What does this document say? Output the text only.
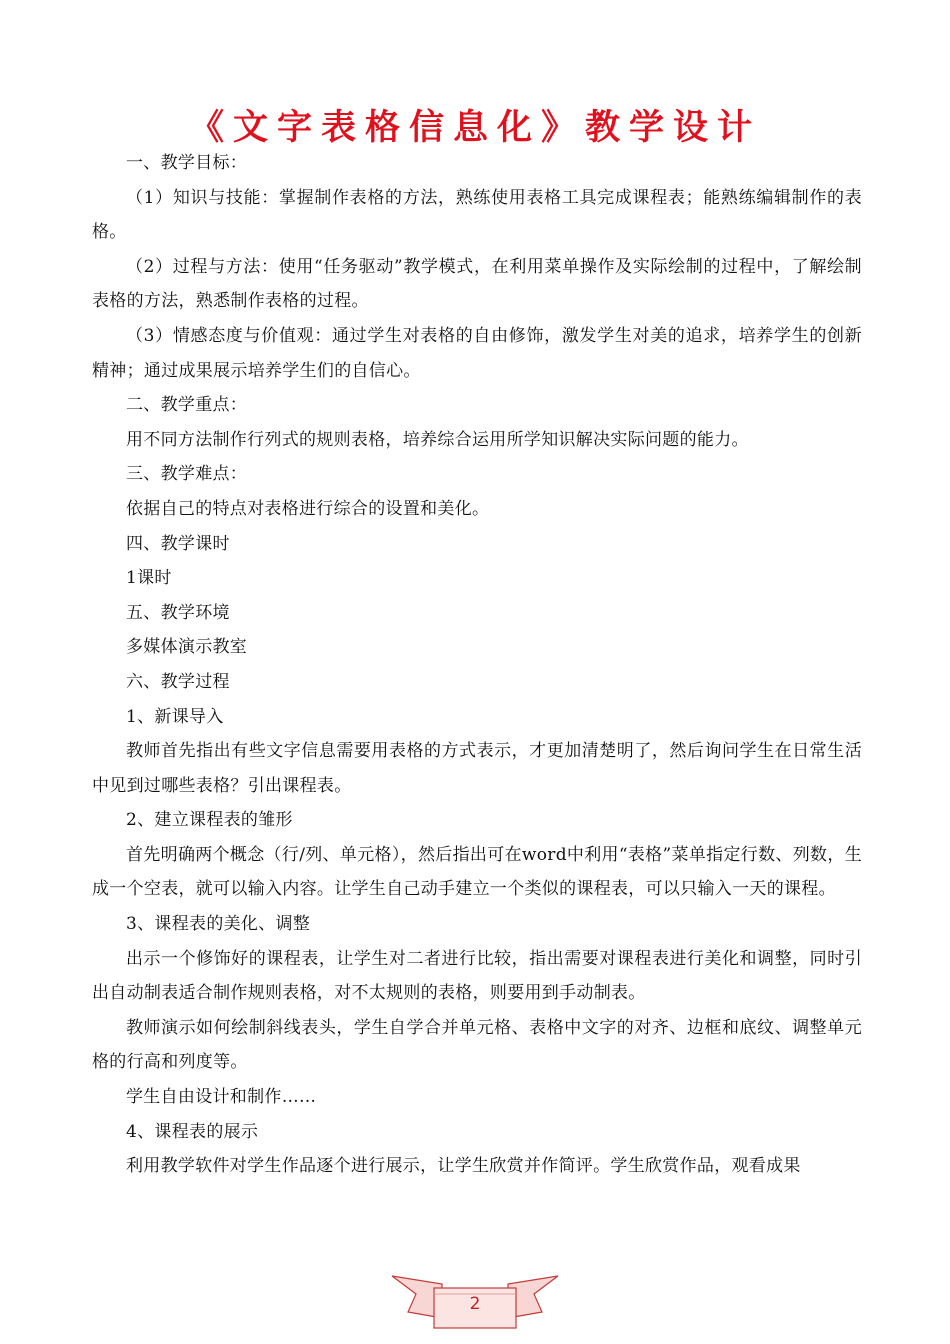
《文字表格信息化》教学设计

一、教学目标：

（1）知识与技能：掌握制作表格的方法，熟练使用表格工具完成课程表；能熟练编辑制作的表格。

（2）过程与方法：使用“任务驱动”教学模式，在利用菜单操作及实际绘制的过程中，了解绘制表格的方法，熟悉制作表格的过程。

（3）情感态度与价值观：通过学生对表格的自由修饰，激发学生对美的追求，培养学生的创新精神；通过成果展示培养学生们的自信心。

二、教学重点：

用不同方法制作行列式的规则表格，培养综合运用所学知识解决实际问题的能力。

三、教学难点：

依据自己的特点对表格进行综合的设置和美化。

四、教学课时

1课时

五、教学环境

多媒体演示教室

六、教学过程

1、新课导入

教师首先指出有些文字信息需要用表格的方式表示，才更加清楚明了，然后询问学生在日常生活中见到过哪些表格？引出课程表。

2、建立课程表的雏形

首先明确两个概念（行/列、单元格），然后指出可在word中利用“表格”菜单指定行数、列数，生成一个空表，就可以输入内容。让学生自己动手建立一个类似的课程表，可以只输入一天的课程。

3、课程表的美化、调整

出示一个修饰好的课程表，让学生对二者进行比较，指出需要对课程表进行美化和调整，同时引出自动制表适合制作规则表格，对不太规则的表格，则要用到手动制表。

教师演示如何绘制斜线表头，学生自学合并单元格、表格中文字的对齐、边框和底纹、调整单元格的行高和列度等。

学生自由设计和制作……

4、课程表的展示

利用教学软件对学生作品逐个进行展示，让学生欣赏并作简评。学生欣赏作品，观看成果

2
